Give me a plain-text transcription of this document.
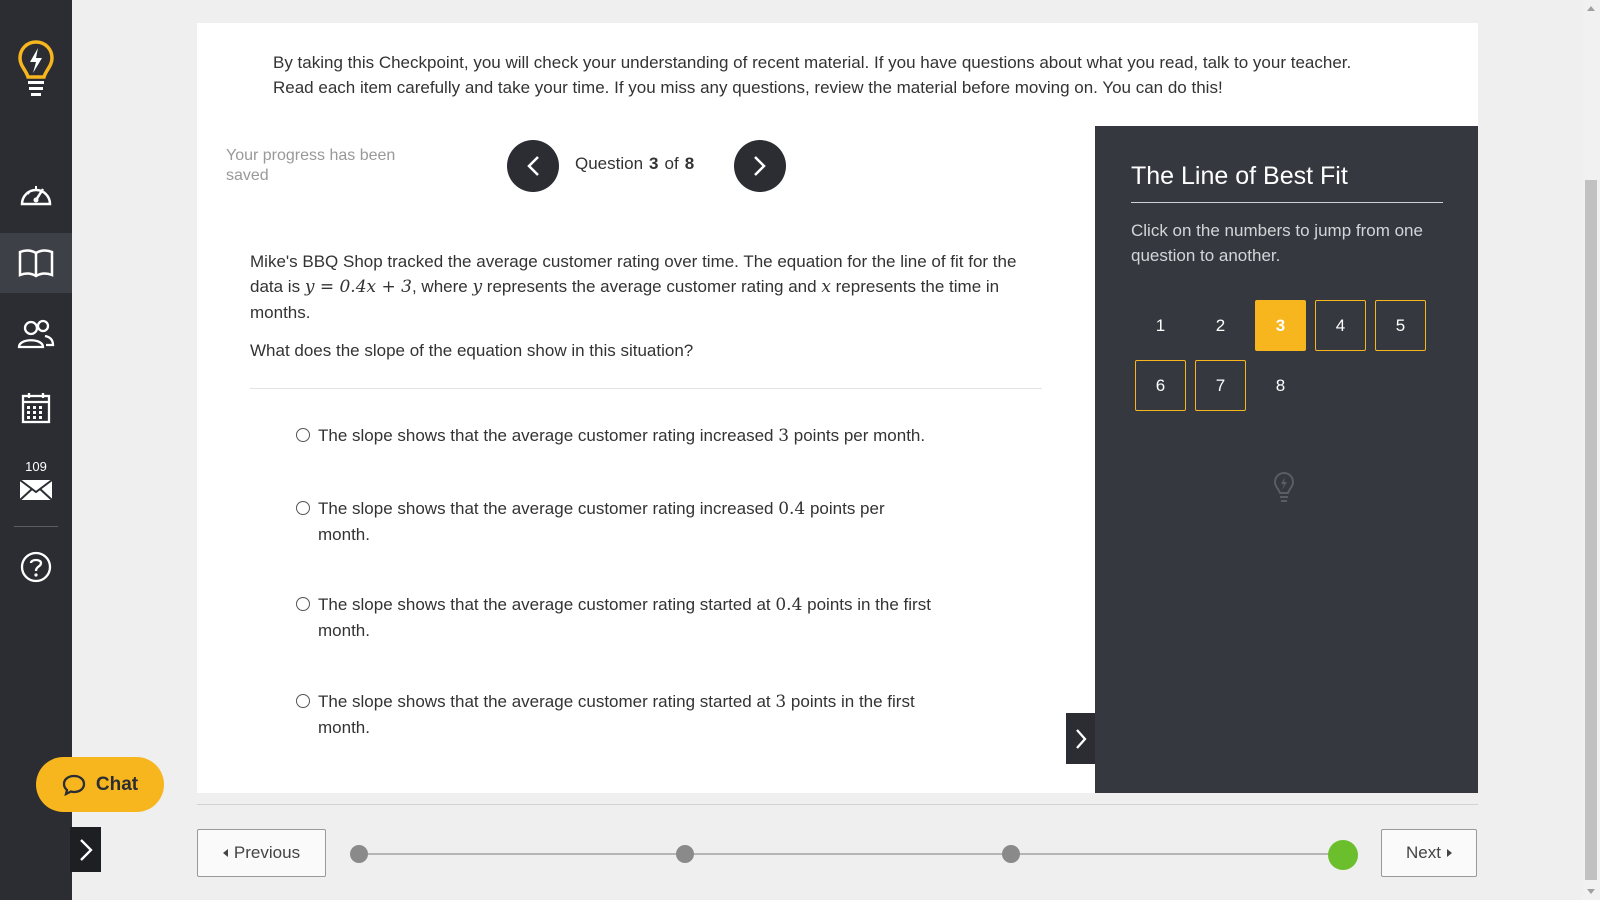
109
By taking this Checkpoint, you will check your understanding of recent material. If you have questions about what you read, talk to your teacher.
Read each item carefully and take your time. If you miss any questions, review the material before moving on. You can do this!
Your progress has been saved
Question 3 of 8
Mike's BBQ Shop tracked the average customer rating over time. The equation for the line of fit for the data is y = 0.4x + 3, where y represents the average customer rating and x represents the time in months.
What does the slope of the equation show in this situation?
The slope shows that the average customer rating increased 3 points per month.
The slope shows that the average customer rating increased 0.4 points per month.
The slope shows that the average customer rating started at 0.4 points in the first month.
The slope shows that the average customer rating started at 3 points in the first month.
The Line of Best Fit
Click on the numbers to jump from one question to another.
1	2	3	4	5
6	7	8
Previous	Next
Chat
